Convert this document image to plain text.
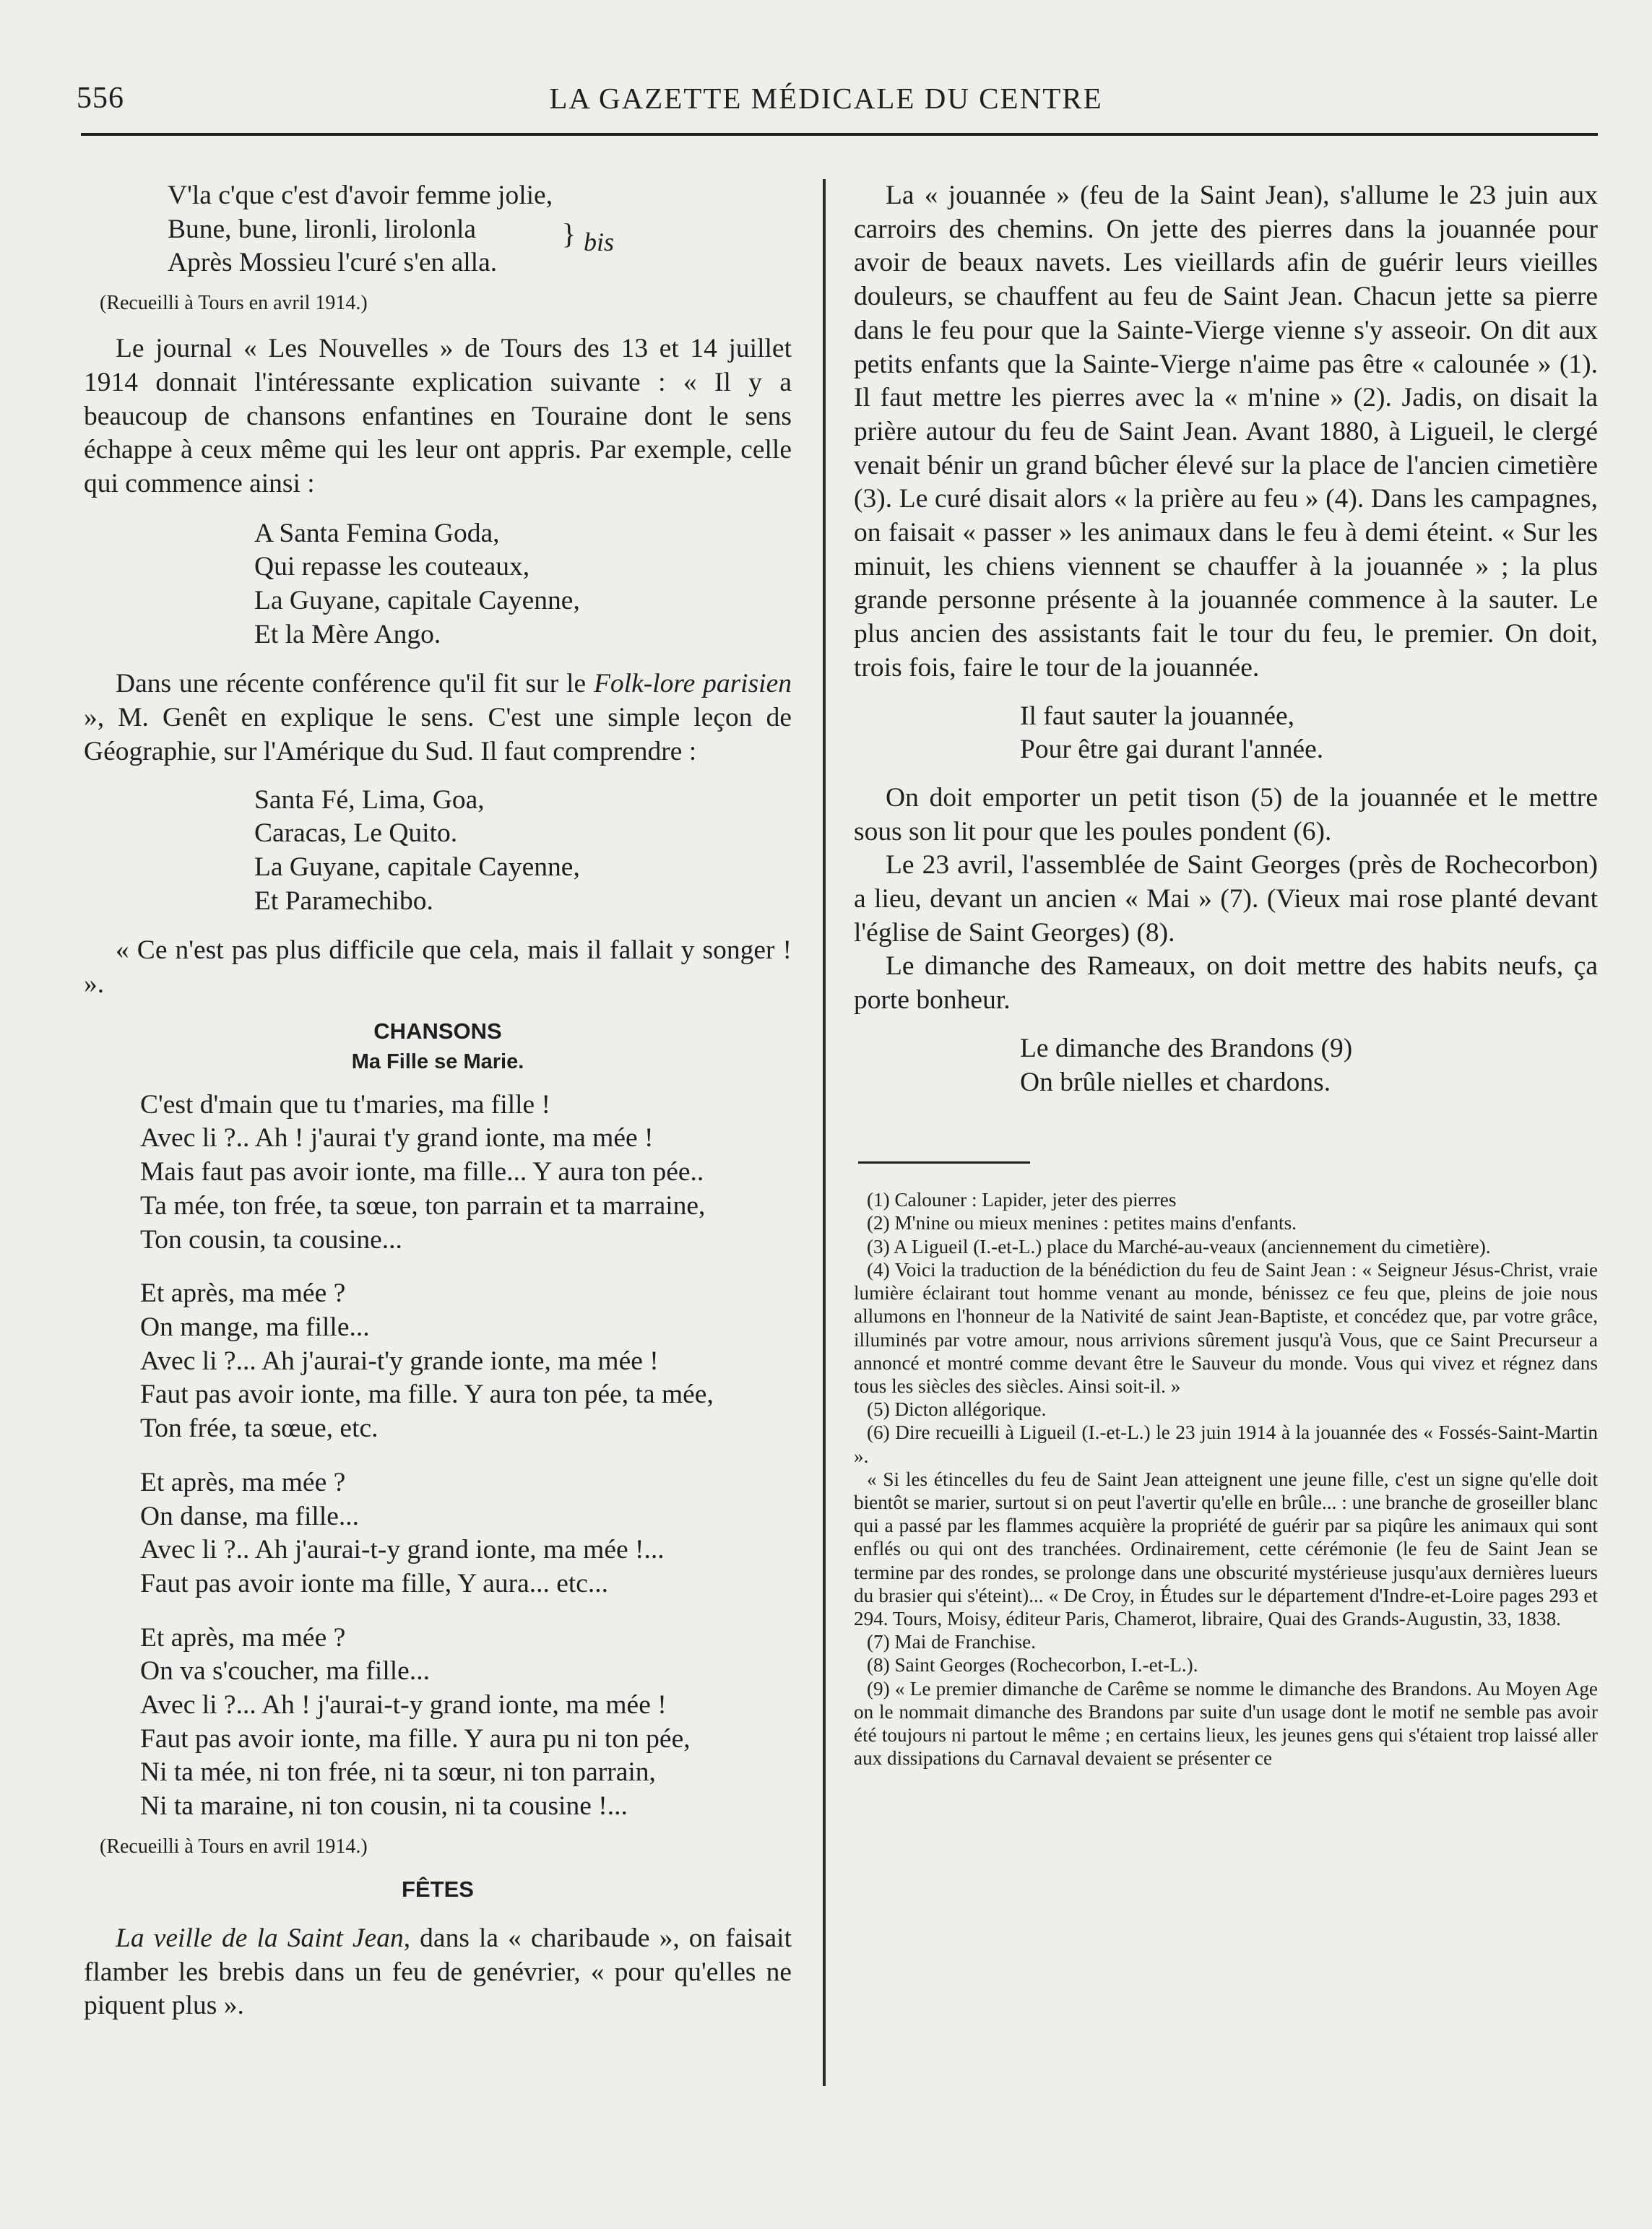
556	LA GAZETTE MÉDICALE DU CENTRE
V'la c'que c'est d'avoir femme jolie,
Bune, bune, lironli, lirolonla
Après Mossieu l'curé s'en alla.
} bis
(Recueilli à Tours en avril 1914.)

Le journal « Les Nouvelles » de Tours des 13 et 14 juillet 1914 donnait l'intéressante explication suivante : « Il y a beaucoup de chansons enfantines en Touraine dont le sens échappe à ceux même qui les leur ont appris. Par exemple, celle qui commence ainsi :

A Santa Femina Goda,
Qui repasse les couteaux,
La Guyane, capitale Cayenne,
Et la Mère Ango.

Dans une récente conférence qu'il fit sur le Folk-lore parisien », M. Genêt en explique le sens. C'est une simple leçon de Géographie, sur l'Amérique du Sud. Il faut comprendre :

Santa Fé, Lima, Goa,
Caracas, Le Quito.
La Guyane, capitale Cayenne,
Et Paramechibo.

« Ce n'est pas plus difficile que cela, mais il fallait y songer ! ».

CHANSONS
Ma Fille se Marie.
C'est d'main que tu t'maries, ma fille !
Avec li ?.. Ah ! j'aurai t'y grand ionte, ma mée !
Mais faut pas avoir ionte, ma fille... Y aura ton pée..
Ta mée, ton frée, ta sœue, ton parrain et ta marraine,
Ton cousin, ta cousine...
Et après, ma mée ?
On mange, ma fille...
Avec li ?... Ah j'aurai-t'y grande ionte, ma mée !
Faut pas avoir ionte, ma fille. Y aura ton pée, ta mée,
Ton frée, ta sœue, etc.
Et après, ma mée ?
On danse, ma fille...
Avec li ?.. Ah j'aurai-t-y grand ionte, ma mée !...
Faut pas avoir ionte ma fille, Y aura... etc...
Et après, ma mée ?
On va s'coucher, ma fille...
Avec li ?... Ah ! j'aurai-t-y grand ionte, ma mée !
Faut pas avoir ionte, ma fille. Y aura pu ni ton pée,
Ni ta mée, ni ton frée, ni ta sœur, ni ton parrain,
Ni ta maraine, ni ton cousin, ni ta cousine !...
(Recueilli à Tours en avril 1914.)
FÊTES

La veille de la Saint Jean, dans la « charibaude », on faisait flamber les brebis dans un feu de genévrier, « pour qu'elles ne piquent plus ».

La « jouannée » (feu de la Saint Jean), s'allume le 23 juin aux carroirs des chemins. On jette des pierres dans la jouannée pour avoir de beaux navets. Les vieillards afin de guérir leurs vieilles douleurs, se chauffent au feu de Saint Jean. Chacun jette sa pierre dans le feu pour que la Sainte-Vierge vienne s'y asseoir. On dit aux petits enfants que la Sainte-Vierge n'aime pas être « calounée » (1). Il faut mettre les pierres avec la « m'nine » (2). Jadis, on disait la prière autour du feu de Saint Jean. Avant 1880, à Ligueil, le clergé venait bénir un grand bûcher élevé sur la place de l'ancien cimetière (3). Le curé disait alors « la prière au feu » (4). Dans les campagnes, on faisait « passer » les animaux dans le feu à demi éteint. « Sur les minuit, les chiens viennent se chauffer à la jouannée » ; la plus grande personne présente à la jouannée commence à la sauter. Le plus ancien des assistants fait le tour du feu, le premier. On doit, trois fois, faire le tour de la jouannée.

Il faut sauter la jouannée,
Pour être gai durant l'année.

On doit emporter un petit tison (5) de la jouannée et le mettre sous son lit pour que les poules pondent (6).

Le 23 avril, l'assemblée de Saint Georges (près de Rochecorbon) a lieu, devant un ancien « Mai » (7). (Vieux mai rose planté devant l'église de Saint Georges) (8).

Le dimanche des Rameaux, on doit mettre des habits neufs, ça porte bonheur.

Le dimanche des Brandons (9)
On brûle nielles et chardons.

(1) Calouner : Lapider, jeter des pierres

(2) M'nine ou mieux menines : petites mains d'enfants.

(3) A Ligueil (I.-et-L.) place du Marché-au-veaux (anciennement du cimetière).

(4) Voici la traduction de la bénédiction du feu de Saint Jean : « Seigneur Jésus-Christ, vraie lumière éclairant tout homme venant au monde, bénissez ce feu que, pleins de joie nous allumons en l'honneur de la Nativité de saint Jean-Baptiste, et concédez que, par votre grâce, illuminés par votre amour, nous arrivions sûrement jusqu'à Vous, que ce Saint Precurseur a annoncé et montré comme devant être le Sauveur du monde. Vous qui vivez et régnez dans tous les siècles des siècles. Ainsi soit-il. »

(5) Dicton allégorique.

(6) Dire recueilli à Ligueil (I.-et-L.) le 23 juin 1914 à la jouannée des « Fossés-Saint-Martin ».

« Si les étincelles du feu de Saint Jean atteignent une jeune fille, c'est un signe qu'elle doit bientôt se marier, surtout si on peut l'avertir qu'elle en brûle... : une branche de groseiller blanc qui a passé par les flammes acquière la propriété de guérir par sa piqûre les animaux qui sont enflés ou qui ont des tranchées. Ordinairement, cette cérémonie (le feu de Saint Jean se termine par des rondes, se prolonge dans une obscurité mystérieuse jusqu'aux dernières lueurs du brasier qui s'éteint)... « De Croy, in Études sur le département d'Indre-et-Loire pages 293 et 294. Tours, Moisy, éditeur Paris, Chamerot, libraire, Quai des Grands-Augustin, 33, 1838.

(7) Mai de Franchise.

(8) Saint Georges (Rochecorbon, I.-et-L.).

(9) « Le premier dimanche de Carême se nomme le dimanche des Brandons. Au Moyen Age on le nommait dimanche des Brandons par suite d'un usage dont le motif ne semble pas avoir été toujours ni partout le même ; en certains lieux, les jeunes gens qui s'étaient trop laissé aller aux dissipations du Carnaval devaient se présenter ce
